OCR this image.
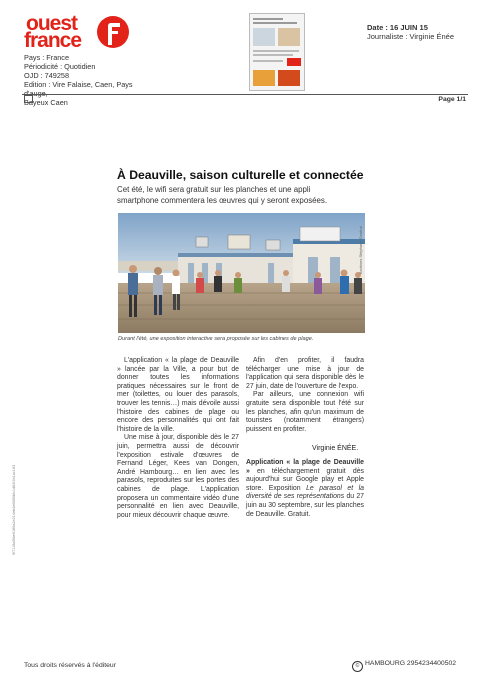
ouest
france
Pays : France
Périodicité : Quotidien
OJD : 749258
Edition : Vire Falaise, Caen, Pays d'auge,
Bayeux Caen
Date : 16 JUIN 15
Journaliste : Virginie Énée
Page 1/1
À Deauville, saison culturelle et connectée
Cet été, le wifi sera gratuit sur les planches et une appli
smartphone commentera les œuvres qui y seront exposées.
Archives Stéphane Geufroi
Durant l'été, une exposition interactive sera proposée sur les cabines de plage.

L'application « la plage de Deauville » lancée par la Ville, a pour but de donner toutes les informations pratiques nécessaires sur le front de mer (toilettes, ou louer des parasols, trouver les tennis…) mais dévoile aussi l'histoire des cabines de plage ou encore des personnalités qui ont fait l'histoire de la ville.

Une mise à jour, disponible dès le 27 juin, permettra aussi de découvrir l'exposition estivale d'œuvres de Fernand Léger, Kees van Dongen, André Hambourg… en lien avec les parasols, reproduites sur les portes des cabines de plage. L'application proposera un commentaire vidéo d'une personnalité en lien avec Deauville, pour mieux découvrir chaque œuvre.

Afin d'en profiter, il faudra télécharger une mise à jour de l'application qui sera disponible dès le 27 juin, date de l'ouverture de l'expo.

Par ailleurs, une connexion wifi gratuite sera disponible tout l'été sur les planches, afin qu'un maximum de touristes (notamment étrangers) puissent en profiter.

Virginie ÉNÉE.
Application « la plage de Deauville » en téléchargement gratuit dès aujourd'hui sur Google play et Apple store. Exposition Le parasol et la diversité de ses représentations du 27 juin au 30 septembre, sur les planches de Deauville. Gratuit.
9f7118a5fbe9180a2e214eb4e6680bfc1d64f1b1ac163
Tous droits réservés à l'éditeur	© HAMBOURG 2954234400502
